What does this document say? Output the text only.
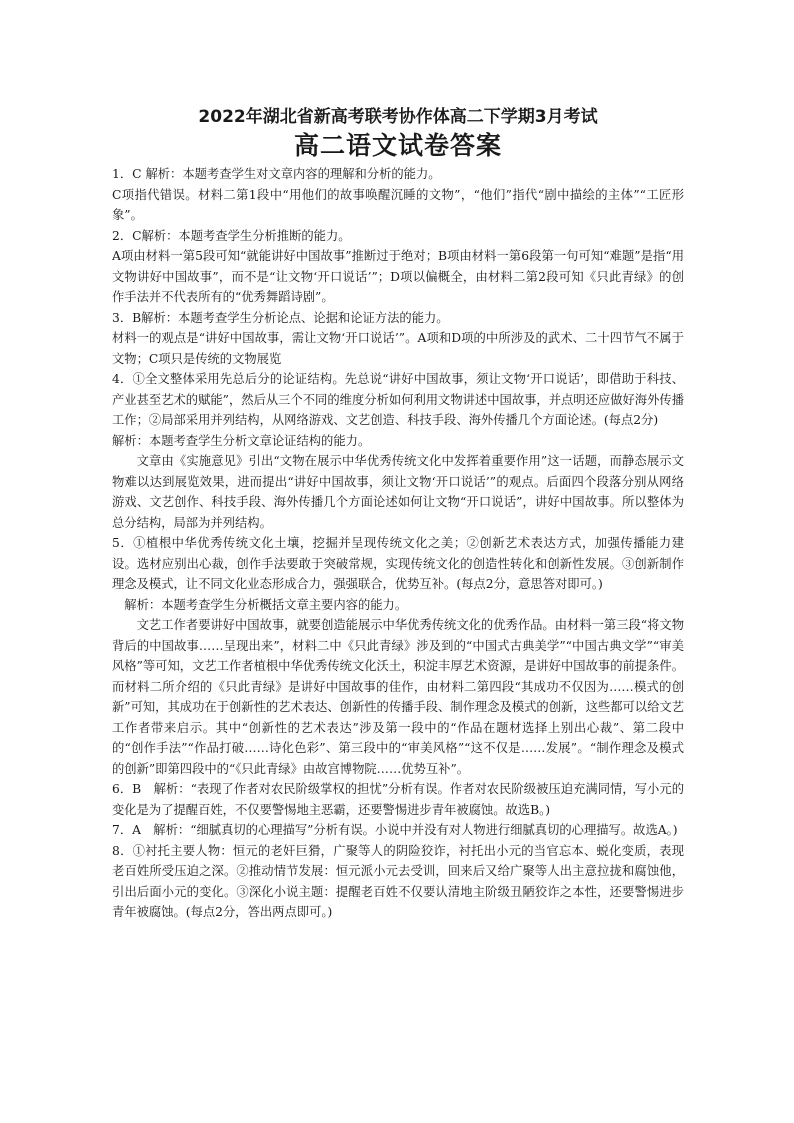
2022年湖北省新高考联考协作体高二下学期3月考试
高二语文试卷答案

1．C 解析：本题考查学生对文章内容的理解和分析的能力。

C项指代错误。材料二第1段中“用他们的故事唤醒沉睡的文物”，“他们”指代“剧中描绘的主体”“工匠形象”。

2．C解析：本题考查学生分析推断的能力。

A项由材料一第5段可知“就能讲好中国故事”推断过于绝对；B项由材料一第6段第一句可知“难题”是指“用文物讲好中国故事”，而不是“让文物‘开口说话’”；D项以偏概全，由材料二第2段可知《只此青绿》的创作手法并不代表所有的“优秀舞蹈诗剧”。

3．B解析：本题考查学生分析论点、论据和论证方法的能力。

材料一的观点是“讲好中国故事，需让文物‘开口说话’”。A项和D项的中所涉及的武术、二十四节气不属于文物；C项只是传统的文物展览

4．①全文整体采用先总后分的论证结构。先总说“讲好中国故事，须让文物‘开口说话’，即借助于科技、产业甚至艺术的赋能”，然后从三个不同的维度分析如何利用文物讲述中国故事，并点明还应做好海外传播工作；②局部采用并列结构，从网络游戏、文艺创造、科技手段、海外传播几个方面论述。(每点2分)

解析：本题考查学生分析文章论证结构的能力。

文章由《实施意见》引出“文物在展示中华优秀传统文化中发挥着重要作用”这一话题，而静态展示文物难以达到展览效果，进而提出“讲好中国故事，须让文物‘开口说话’”的观点。后面四个段落分别从网络游戏、文艺创作、科技手段、海外传播几个方面论述如何让文物“开口说话”，讲好中国故事。所以整体为总分结构，局部为并列结构。

5．①植根中华优秀传统文化土壤，挖掘并呈现传统文化之美；②创新艺术表达方式，加强传播能力建设。选材应别出心裁，创作手法要敢于突破常规，实现传统文化的创造性转化和创新性发展。③创新制作理念及模式，让不同文化业态形成合力，强强联合，优势互补。(每点2分，意思答对即可。)

解析：本题考查学生分析概括文章主要内容的能力。

文艺工作者要讲好中国故事，就要创造能展示中华优秀传统文化的优秀作品。由材料一第三段“将文物背后的中国故事……呈现出来”，材料二中《只此青绿》涉及到的“中国式古典美学”“中国古典文学”“审美风格”等可知，文艺工作者植根中华优秀传统文化沃土，积淀丰厚艺术资源，是讲好中国故事的前提条件。而材料二所介绍的《只此青绿》是讲好中国故事的佳作，由材料二第四段“其成功不仅因为……模式的创新”可知，其成功在于创新性的艺术表达、创新性的传播手段、制作理念及模式的创新，这些都可以给文艺工作者带来启示。其中“创新性的艺术表达”涉及第一段中的“作品在题材选择上别出心裁”、第二段中的“创作手法”“作品打破……诗化色彩”、第三段中的“审美风格”“这不仅是……发展”。“制作理念及模式的创新”即第四段中的“《只此青绿》由故宫博物院……优势互补”。

6．B　解析：“表现了作者对农民阶级掌权的担忧”分析有误。作者对农民阶级被压迫充满同情，写小元的变化是为了提醒百姓，不仅要警惕地主恶霸，还要警惕进步青年被腐蚀。故选B。)

7．A　解析：“细腻真切的心理描写”分析有误。小说中并没有对人物进行细腻真切的心理描写。故选A。)

8．①衬托主要人物：恒元的老奸巨猾，广聚等人的阴险狡诈，衬托出小元的当官忘本、蜕化变质，表现老百姓所受压迫之深。②推动情节发展：恒元派小元去受训，回来后又给广聚等人出主意拉拢和腐蚀他，引出后面小元的变化。③深化小说主题：提醒老百姓不仅要认清地主阶级丑陋狡诈之本性，还要警惕进步青年被腐蚀。(每点2分，答出两点即可。)
